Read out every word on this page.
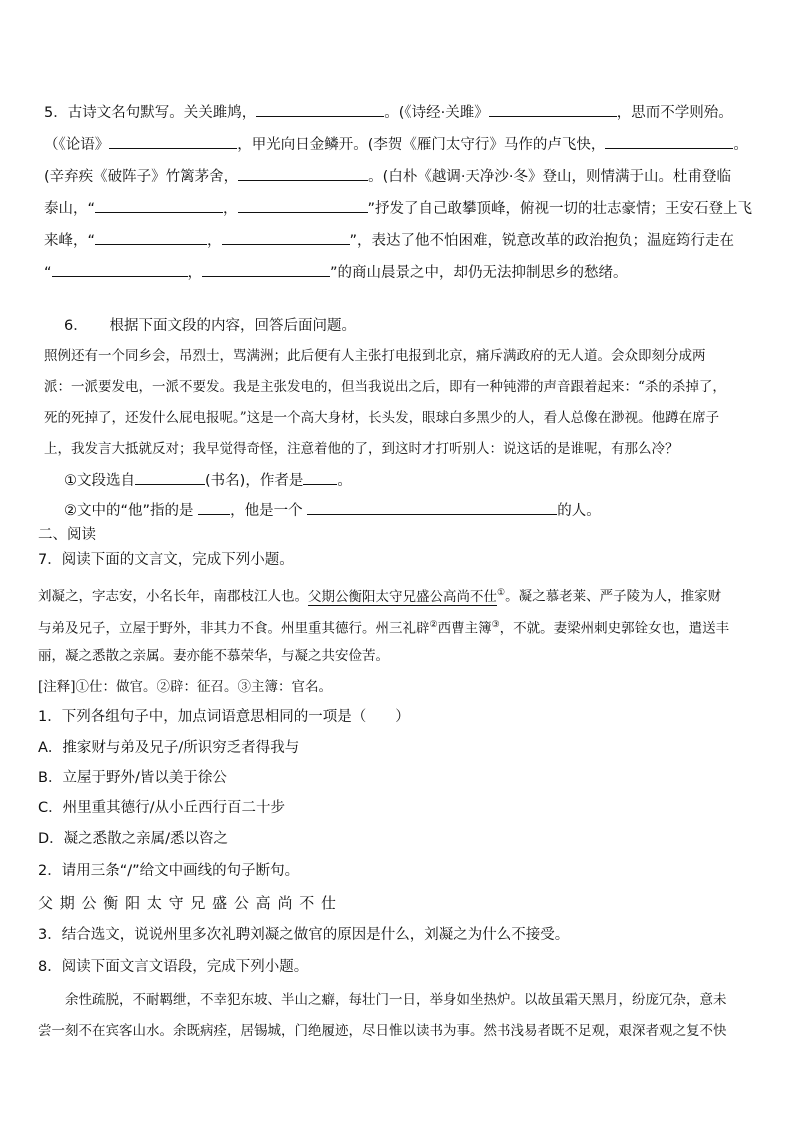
5．古诗文名句默写。关关雎鸠，	。(《诗经·关雎》	，思而不学则殆。
（《论语》	，甲光向日金鳞开。(李贺《雁门太守行》马作的卢飞快，	。
(辛弃疾《破阵子》竹篱茅舍，	。(白朴《越调·天净沙·冬》登山，则情满于山。杜甫登临
泰山，“	，	”抒发了自己敢攀顶峰，俯视一切的壮志豪情；王安石登上飞
来峰，“	，	”，表达了他不怕困难，锐意改革的政治抱负；温庭筠行走在
“	，	”的商山晨景之中，却仍无法抑制思乡的愁绪。
6．　　根据下面文段的内容，回答后面问题。
照例还有一个同乡会，吊烈士，骂满洲；此后便有人主张打电报到北京，痛斥满政府的无人道。会众即刻分成两
派：一派要发电，一派不要发。我是主张发电的，但当我说出之后，即有一种钝滞的声音跟着起来：“杀的杀掉了，
死的死掉了，还发什么屁电报呢。”这是一个高大身材，长头发，眼球白多黑少的人，看人总像在渺视。他蹲在席子
上，我发言大抵就反对；我早觉得奇怪，注意着他的了，到这时才打听别人：说这话的是谁呢，有那么冷？
①文段选自	(书名)，作者是 。
②文中的“他”指的是	，他是一个	的人。
二、阅读
7．阅读下面的文言文，完成下列小题。
刘凝之，字志安，小名长年，南郡枝江人也。父期公衡阳太守兄盛公高尚不仕①。凝之慕老莱、严子陵为人，推家财
与弟及兄子，立屋于野外，非其力不食。州里重其德行。州三礼辟②西曹主簿③，不就。妻梁州刺史郭铨女也，遣送丰
丽，凝之悉散之亲属。妻亦能不慕荣华，与凝之共安俭苦。
[注释]①仕：做官。②辟：征召。③主簿：官名。
1．下列各组句子中，加点词语意思相同的一项是（　　）
A．推家财与弟及兄子/所识穷乏者得我与
B．立屋于野外/皆以美于徐公
C．州里重其德行/从小丘西行百二十步
D．凝之悉散之亲属/悉以咨之
2．请用三条“/”给文中画线的句子断句。
父 期 公 衡 阳 太 守 兄 盛 公 高 尚 不 仕
3．结合选文，说说州里多次礼聘刘凝之做官的原因是什么，刘凝之为什么不接受。
8．阅读下面文言文语段，完成下列小题。
　　余性疏脱，不耐羁绁，不幸犯东坡、半山之癖，每壮门一日，举身如坐热炉。以故虽霜天黑月，纷庞冗杂，意未
尝一刻不在宾客山水。余既病痊，居锡城，门绝履迹，尽日惟以读书为事。然书浅易者既不足观，艰深者观之复不快
